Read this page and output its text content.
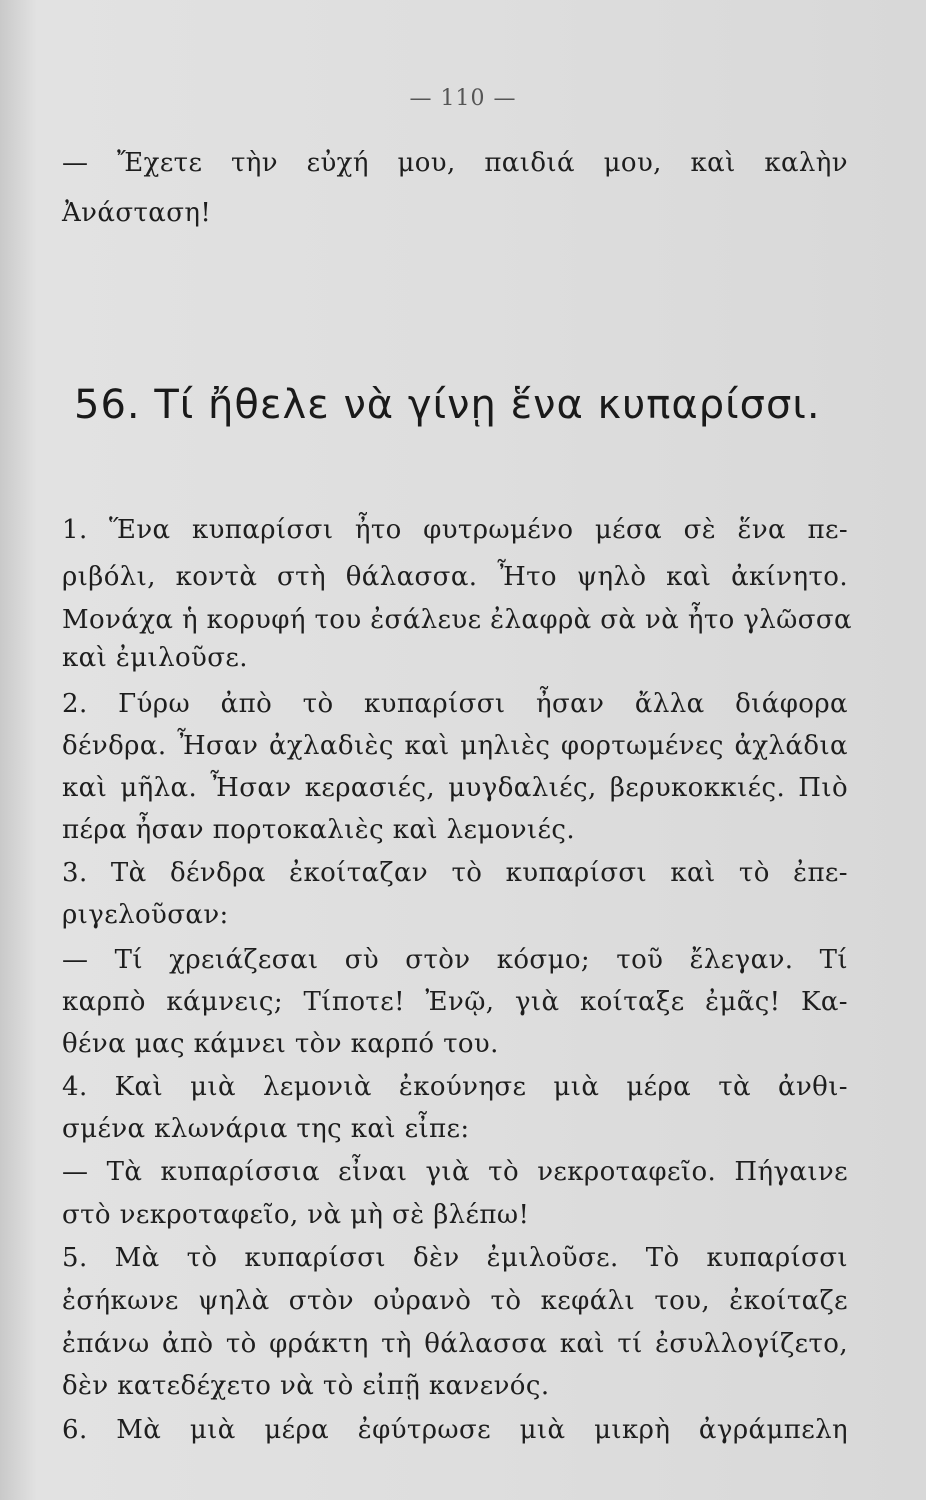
— 110 —
56. Τί ἤθελε νὰ γίνῃ ἕνα κυπαρίσσι.
— Ἔχετε τὴν εὐχή μου, παιδιά μου, καὶ καλὴν
Ἀνάσταση!
1. Ἕνα κυπαρίσσι ἦτο φυτρωμένο μέσα σὲ ἕνα πε-
ριβόλι, κοντὰ στὴ θάλασσα. Ἦτο ψηλὸ καὶ ἀκίνητο.
Μονάχα ἡ κορυφή του ἐσάλευε ἐλαφρὰ σὰ νὰ ἦτο γλῶσσα
καὶ ἐμιλοῦσε.
2. Γύρω ἀπὸ τὸ κυπαρίσσι ἦσαν ἄλλα διάφορα
δένδρα. Ἦσαν ἀχλαδιὲς καὶ μηλιὲς φορτωμένες ἀχλάδια
καὶ μῆλα. Ἦσαν κερασιές, μυγδαλιές, βερυκοκκιές. Πιὸ
πέρα ἦσαν πορτοκαλιὲς καὶ λεμονιές.
3. Τὰ δένδρα ἐκοίταζαν τὸ κυπαρίσσι καὶ τὸ ἐπε-
ριγελοῦσαν:
— Τί χρειάζεσαι σὺ στὸν κόσμο; τοῦ ἔλεγαν. Τί
καρπὸ κάμνεις; Τίποτε! Ἐνῷ, γιὰ κοίταξε ἐμᾶς! Κα-
θένα μας κάμνει τὸν καρπό του.
4. Καὶ μιὰ λεμονιὰ ἐκούνησε μιὰ μέρα τὰ ἀνθι-
σμένα κλωνάρια της καὶ εἶπε:
— Τὰ κυπαρίσσια εἶναι γιὰ τὸ νεκροταφεῖο. Πήγαινε
στὸ νεκροταφεῖο, νὰ μὴ σὲ βλέπω!
5. Μὰ τὸ κυπαρίσσι δὲν ἐμιλοῦσε. Τὸ κυπαρίσσι
ἐσήκωνε ψηλὰ στὸν οὐρανὸ τὸ κεφάλι του, ἐκοίταζε
ἐπάνω ἀπὸ τὸ φράκτη τὴ θάλασσα καὶ τί ἐσυλλογίζετο,
δὲν κατεδέχετο νὰ τὸ εἰπῇ κανενός.
6. Μὰ μιὰ μέρα ἐφύτρωσε μιὰ μικρὴ ἀγράμπελη
